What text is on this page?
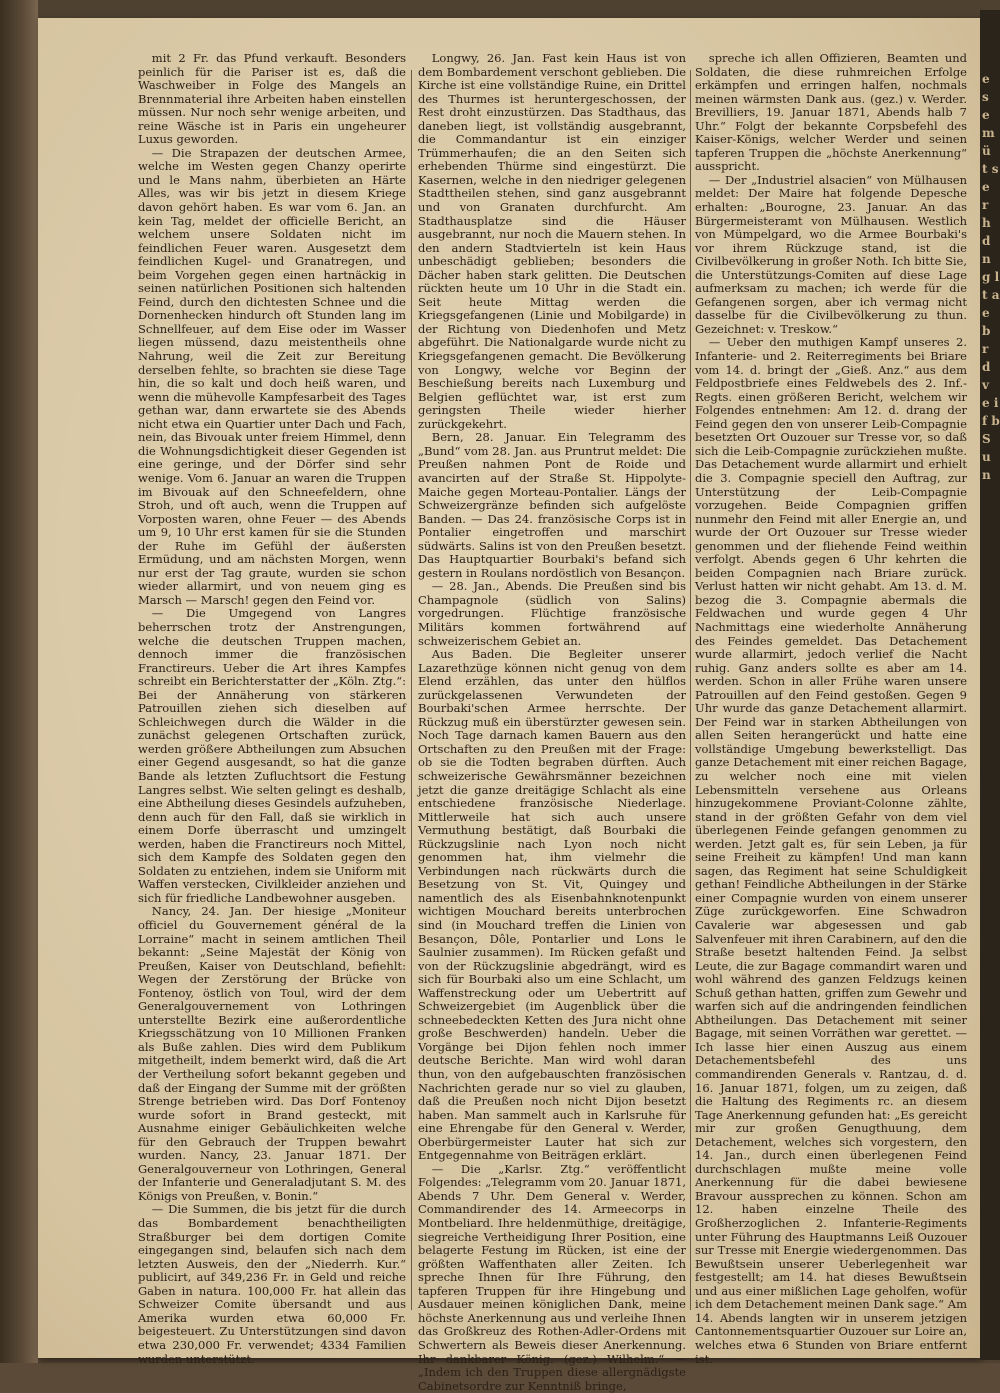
e s e m ü t s e r h d n g l t a e b r d v e i f b S u n

mit 2 Fr. das Pfund verkauft. Besonders peinlich für die Pariser ist es, daß die Waschweiber in Folge des Mangels an Brennmaterial ihre Arbeiten haben einstellen müssen. Nur noch sehr wenige arbeiten, und reine Wäsche ist in Paris ein ungeheurer Luxus geworden.

— Die Strapazen der deutschen Armee, welche im Westen gegen Chanzy operirte und le Mans nahm, überbieten an Härte Alles, was wir bis jetzt in diesem Kriege davon gehört haben. Es war vom 6. Jan. an kein Tag, meldet der officielle Bericht, an welchem unsere Soldaten nicht im feindlichen Feuer waren. Ausgesetzt dem feindlichen Kugel- und Granatregen, und beim Vorgehen gegen einen hartnäckig in seinen natürlichen Positionen sich haltenden Feind, durch den dichtesten Schnee und die Dornenhecken hindurch oft Stunden lang im Schnellfeuer, auf dem Eise oder im Wasser liegen müssend, dazu meistentheils ohne Nahrung, weil die Zeit zur Bereitung derselben fehlte, so brachten sie diese Tage hin, die so kalt und doch heiß waren, und wenn die mühevolle Kampfesarbeit des Tages gethan war, dann erwartete sie des Abends nicht etwa ein Quartier unter Dach und Fach, nein, das Bivouak unter freiem Himmel, denn die Wohnungsdichtigkeit dieser Gegenden ist eine geringe, und der Dörfer sind sehr wenige. Vom 6. Januar an waren die Truppen im Bivouak auf den Schneefeldern, ohne Stroh, und oft auch, wenn die Truppen auf Vorposten waren, ohne Feuer — des Abends um 9, 10 Uhr erst kamen für sie die Stunden der Ruhe im Gefühl der äußersten Ermüdung, und am nächsten Morgen, wenn nur erst der Tag graute, wurden sie schon wieder allarmirt, und von neuem ging es Marsch — Marsch! gegen den Feind vor.

— Die Umgegend von Langres beherrschen trotz der Anstrengungen, welche die deutschen Truppen machen, dennoch immer die französischen Franctireurs. Ueber die Art ihres Kampfes schreibt ein Berichterstatter der „Köln. Ztg.“: Bei der Annäherung von stärkeren Patrouillen ziehen sich dieselben auf Schleichwegen durch die Wälder in die zunächst gelegenen Ortschaften zurück, werden größere Abtheilungen zum Absuchen einer Gegend ausgesandt, so hat die ganze Bande als letzten Zufluchtsort die Festung Langres selbst. Wie selten gelingt es deshalb, eine Abtheilung dieses Gesindels aufzuheben, denn auch für den Fall, daß sie wirklich in einem Dorfe überrascht und umzingelt werden, haben die Franctireurs noch Mittel, sich dem Kampfe des Soldaten gegen den Soldaten zu entziehen, indem sie Uniform mit Waffen verstecken, Civilkleider anziehen und sich für friedliche Landbewohner ausgeben.

Nancy, 24. Jan. Der hiesige „Moniteur officiel du Gouvernement général de la Lorraine“ macht in seinem amtlichen Theil bekannt: „Seine Majestät der König von Preußen, Kaiser von Deutschland, befiehlt: Wegen der Zerstörung der Brücke von Fontenoy, östlich von Toul, wird der dem Generalgouvernement von Lothringen unterstellte Bezirk eine außerordentliche Kriegsschätzung von 10 Millionen Franken als Buße zahlen. Dies wird dem Publikum mitgetheilt, indem bemerkt wird, daß die Art der Vertheilung sofort bekannt gegeben und daß der Eingang der Summe mit der größten Strenge betrieben wird. Das Dorf Fontenoy wurde sofort in Brand gesteckt, mit Ausnahme einiger Gebäulichkeiten welche für den Gebrauch der Truppen bewahrt wurden. Nancy, 23. Januar 1871. Der Generalgouverneur von Lothringen, General der Infanterie und Generaladjutant S. M. des Königs von Preußen, v. Bonin.“

— Die Summen, die bis jetzt für die durch das Bombardement benachtheiligten Straßburger bei dem dortigen Comite eingegangen sind, belaufen sich nach dem letzten Ausweis, den der „Niederrh. Kur.“ publicirt, auf 349,236 Fr. in Geld und reiche Gaben in natura. 100,000 Fr. hat allein das Schweizer Comite übersandt und aus Amerika wurden etwa 60,000 Fr. beigesteuert. Zu Unterstützungen sind davon etwa 230,000 Fr. verwendet; 4334 Familien wurden unterstützt.

Longwy, 26. Jan. Fast kein Haus ist von dem Bombardement verschont geblieben. Die Kirche ist eine vollständige Ruine, ein Drittel des Thurmes ist heruntergeschossen, der Rest droht einzustürzen. Das Stadthaus, das daneben liegt, ist vollständig ausgebrannt, die Commandantur ist ein einziger Trümmerhaufen; die an den Seiten sich erhebenden Thürme sind eingestürzt. Die Kasernen, welche in den niedriger gelegenen Stadttheilen stehen, sind ganz ausgebrannt und von Granaten durchfurcht. Am Stadthausplatze sind die Häuser ausgebrannt, nur noch die Mauern stehen. In den andern Stadtvierteln ist kein Haus unbeschädigt geblieben; besonders die Dächer haben stark gelitten. Die Deutschen rückten heute um 10 Uhr in die Stadt ein. Seit heute Mittag werden die Kriegsgefangenen (Linie und Mobilgarde) in der Richtung von Diedenhofen und Metz abgeführt. Die Nationalgarde wurde nicht zu Kriegsgefangenen gemacht. Die Bevölkerung von Longwy, welche vor Beginn der Beschießung bereits nach Luxemburg und Belgien geflüchtet war, ist erst zum geringsten Theile wieder hierher zurückgekehrt.

Bern, 28. Januar. Ein Telegramm des „Bund“ vom 28. Jan. aus Pruntrut meldet: Die Preußen nahmen Pont de Roide und avancirten auf der Straße St. Hippolyte-Maiche gegen Morteau-Pontalier. Längs der Schweizergränze befinden sich aufgelöste Banden. — Das 24. französische Corps ist in Pontalier eingetroffen und marschirt südwärts. Salins ist von den Preußen besetzt. Das Hauptquartier Bourbaki's befand sich gestern in Roulans nordöstlich von Besançon.

— 28. Jan., Abends. Die Preußen sind bis Champagnole (südlich von Salins) vorgedrungen. Flüchtige französische Militärs kommen fortwährend auf schweizerischem Gebiet an.

Aus Baden. Die Begleiter unserer Lazarethzüge können nicht genug von dem Elend erzählen, das unter den hülflos zurückgelassenen Verwundeten der Bourbaki'schen Armee herrschte. Der Rückzug muß ein überstürzter gewesen sein. Noch Tage darnach kamen Bauern aus den Ortschaften zu den Preußen mit der Frage: ob sie die Todten begraben dürften. Auch schweizerische Gewährsmänner bezeichnen jetzt die ganze dreitägige Schlacht als eine entschiedene französische Niederlage. Mittlerweile hat sich auch unsere Vermuthung bestätigt, daß Bourbaki die Rückzugslinie nach Lyon noch nicht genommen hat, ihm vielmehr die Verbindungen nach rückwärts durch die Besetzung von St. Vit, Quingey und namentlich des als Eisenbahnknotenpunkt wichtigen Mouchard bereits unterbrochen sind (in Mouchard treffen die Linien von Besançon, Dôle, Pontarlier und Lons le Saulnier zusammen). Im Rücken gefaßt und von der Rückzugslinie abgedrängt, wird es sich für Bourbaki also um eine Schlacht, um Waffenstreckung oder um Uebertritt auf Schweizergebiet (im Augenblick über die schneebedeckten Ketten des Jura nicht ohne große Beschwerden) handeln. Ueber die Vorgänge bei Dijon fehlen noch immer deutsche Berichte. Man wird wohl daran thun, von den aufgebauschten französischen Nachrichten gerade nur so viel zu glauben, daß die Preußen noch nicht Dijon besetzt haben. Man sammelt auch in Karlsruhe für eine Ehrengabe für den General v. Werder, Oberbürgermeister Lauter hat sich zur Entgegennahme von Beiträgen erklärt.

— Die „Karlsr. Ztg.“ veröffentlicht Folgendes: „Telegramm vom 20. Januar 1871, Abends 7 Uhr. Dem General v. Werder, Commandirender des 14. Armeecorps in Montbeliard. Ihre heldenmüthige, dreitägige, siegreiche Vertheidigung Ihrer Position, eine belagerte Festung im Rücken, ist eine der größten Waffenthaten aller Zeiten. Ich spreche Ihnen für Ihre Führung, den tapferen Truppen für ihre Hingebung und Ausdauer meinen königlichen Dank, meine höchste Anerkennung aus und verleihe Ihnen das Großkreuz des Rothen-Adler-Ordens mit Schwertern als Beweis dieser Anerkennung. Ihr dankbarer König. (gez.) Wilhelm.“ — „Indem ich den Truppen diese allergnädigste Cabinetsordre zur Kenntniß bringe,

spreche ich allen Offizieren, Beamten und Soldaten, die diese ruhmreichen Erfolge erkämpfen und erringen halfen, nochmals meinen wärmsten Dank aus. (gez.) v. Werder. Brevilliers, 19. Januar 1871, Abends halb 7 Uhr.“ Folgt der bekannte Corpsbefehl des Kaiser-Königs, welcher Werder und seinen tapferen Truppen die „höchste Anerkennung“ ausspricht.

— Der „Industriel alsacien“ von Mülhausen meldet: Der Maire hat folgende Depesche erhalten: „Bourogne, 23. Januar. An das Bürgermeisteramt von Mülhausen. Westlich von Mümpelgard, wo die Armee Bourbaki's vor ihrem Rückzuge stand, ist die Civilbevölkerung in großer Noth. Ich bitte Sie, die Unterstützungs-Comiten auf diese Lage aufmerksam zu machen; ich werde für die Gefangenen sorgen, aber ich vermag nicht dasselbe für die Civilbevölkerung zu thun. Gezeichnet: v. Treskow.“

— Ueber den muthigen Kampf unseres 2. Infanterie- und 2. Reiterregiments bei Briare vom 14. d. bringt der „Gieß. Anz.“ aus dem Feldpostbriefe eines Feldwebels des 2. Inf.-Regts. einen größeren Bericht, welchem wir Folgendes entnehmen: Am 12. d. drang der Feind gegen den von unserer Leib-Compagnie besetzten Ort Ouzouer sur Tresse vor, so daß sich die Leib-Compagnie zurückziehen mußte. Das Detachement wurde allarmirt und erhielt die 3. Compagnie speciell den Auftrag, zur Unterstützung der Leib-Compagnie vorzugehen. Beide Compagnien griffen nunmehr den Feind mit aller Energie an, und wurde der Ort Ouzouer sur Tresse wieder genommen und der fliehende Feind weithin verfolgt. Abends gegen 6 Uhr kehrten die beiden Compagnien nach Briare zurück. Verlust hatten wir nicht gehabt. Am 13. d. M. bezog die 3. Compagnie abermals die Feldwachen und wurde gegen 4 Uhr Nachmittags eine wiederholte Annäherung des Feindes gemeldet. Das Detachement wurde allarmirt, jedoch verlief die Nacht ruhig. Ganz anders sollte es aber am 14. werden. Schon in aller Frühe waren unsere Patrouillen auf den Feind gestoßen. Gegen 9 Uhr wurde das ganze Detachement allarmirt. Der Feind war in starken Abtheilungen von allen Seiten herangerückt und hatte eine vollständige Umgebung bewerkstelligt. Das ganze Detachement mit einer reichen Bagage, zu welcher noch eine mit vielen Lebensmitteln versehene aus Orleans hinzugekommene Proviant-Colonne zählte, stand in der größten Gefahr von dem viel überlegenen Feinde gefangen genommen zu werden. Jetzt galt es, für sein Leben, ja für seine Freiheit zu kämpfen! Und man kann sagen, das Regiment hat seine Schuldigkeit gethan! Feindliche Abtheilungen in der Stärke einer Compagnie wurden von einem unserer Züge zurückgeworfen. Eine Schwadron Cavalerie war abgesessen und gab Salvenfeuer mit ihren Carabinern, auf den die Straße besetzt haltenden Feind. Ja selbst Leute, die zur Bagage commandirt waren und wohl während des ganzen Feldzugs keinen Schuß gethan hatten, griffen zum Gewehr und warfen sich auf die andringenden feindlichen Abtheilungen. Das Detachement mit seiner Bagage, mit seinen Vorräthen war gerettet. — Ich lasse hier einen Auszug aus einem Detachementsbefehl des uns commandirenden Generals v. Rantzau, d. d. 16. Januar 1871, folgen, um zu zeigen, daß die Haltung des Regiments rc. an diesem Tage Anerkennung gefunden hat: „Es gereicht mir zur großen Genugthuung, dem Detachement, welches sich vorgestern, den 14. Jan., durch einen überlegenen Feind durchschlagen mußte meine volle Anerkennung für die dabei bewiesene Bravour aussprechen zu können. Schon am 12. haben einzelne Theile des Großherzoglichen 2. Infanterie-Regiments unter Führung des Hauptmanns Leiß Ouzouer sur Tresse mit Energie wiedergenommen. Das Bewußtsein unserer Ueberlegenheit war festgestellt; am 14. hat dieses Bewußtsein und aus einer mißlichen Lage geholfen, wofür ich dem Detachement meinen Dank sage.“ Am 14. Abends langten wir in unserem jetzigen Cantonnementsquartier Ouzouer sur Loire an, welches etwa 6 Stunden von Briare entfernt ist.
